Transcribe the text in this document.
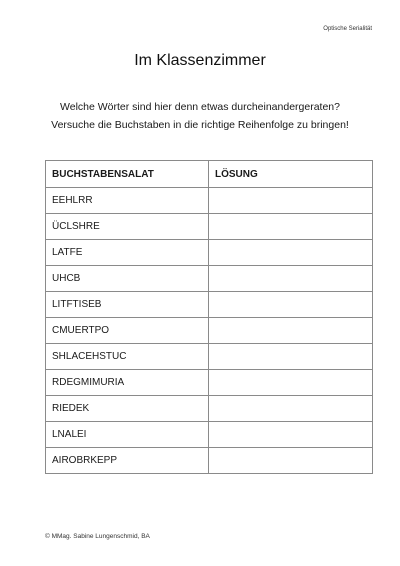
Optische Serialität
Im Klassenzimmer
Welche Wörter sind hier denn etwas durcheinandergeraten?
Versuche die Buchstaben in die richtige Reihenfolge zu bringen!
BUCHSTABENSALAT	LÖSUNG
EEHLRR	
ÜCLSHRE	
LATFE	
UHCB	
LITFTISEB	
CMUERTPO	
SHLACEHSTUC	
RDEGMIMURIA	
RIEDEK	
LNALEI	
AIROBRKEPP	
© MMag. Sabine Lungenschmid, BA
